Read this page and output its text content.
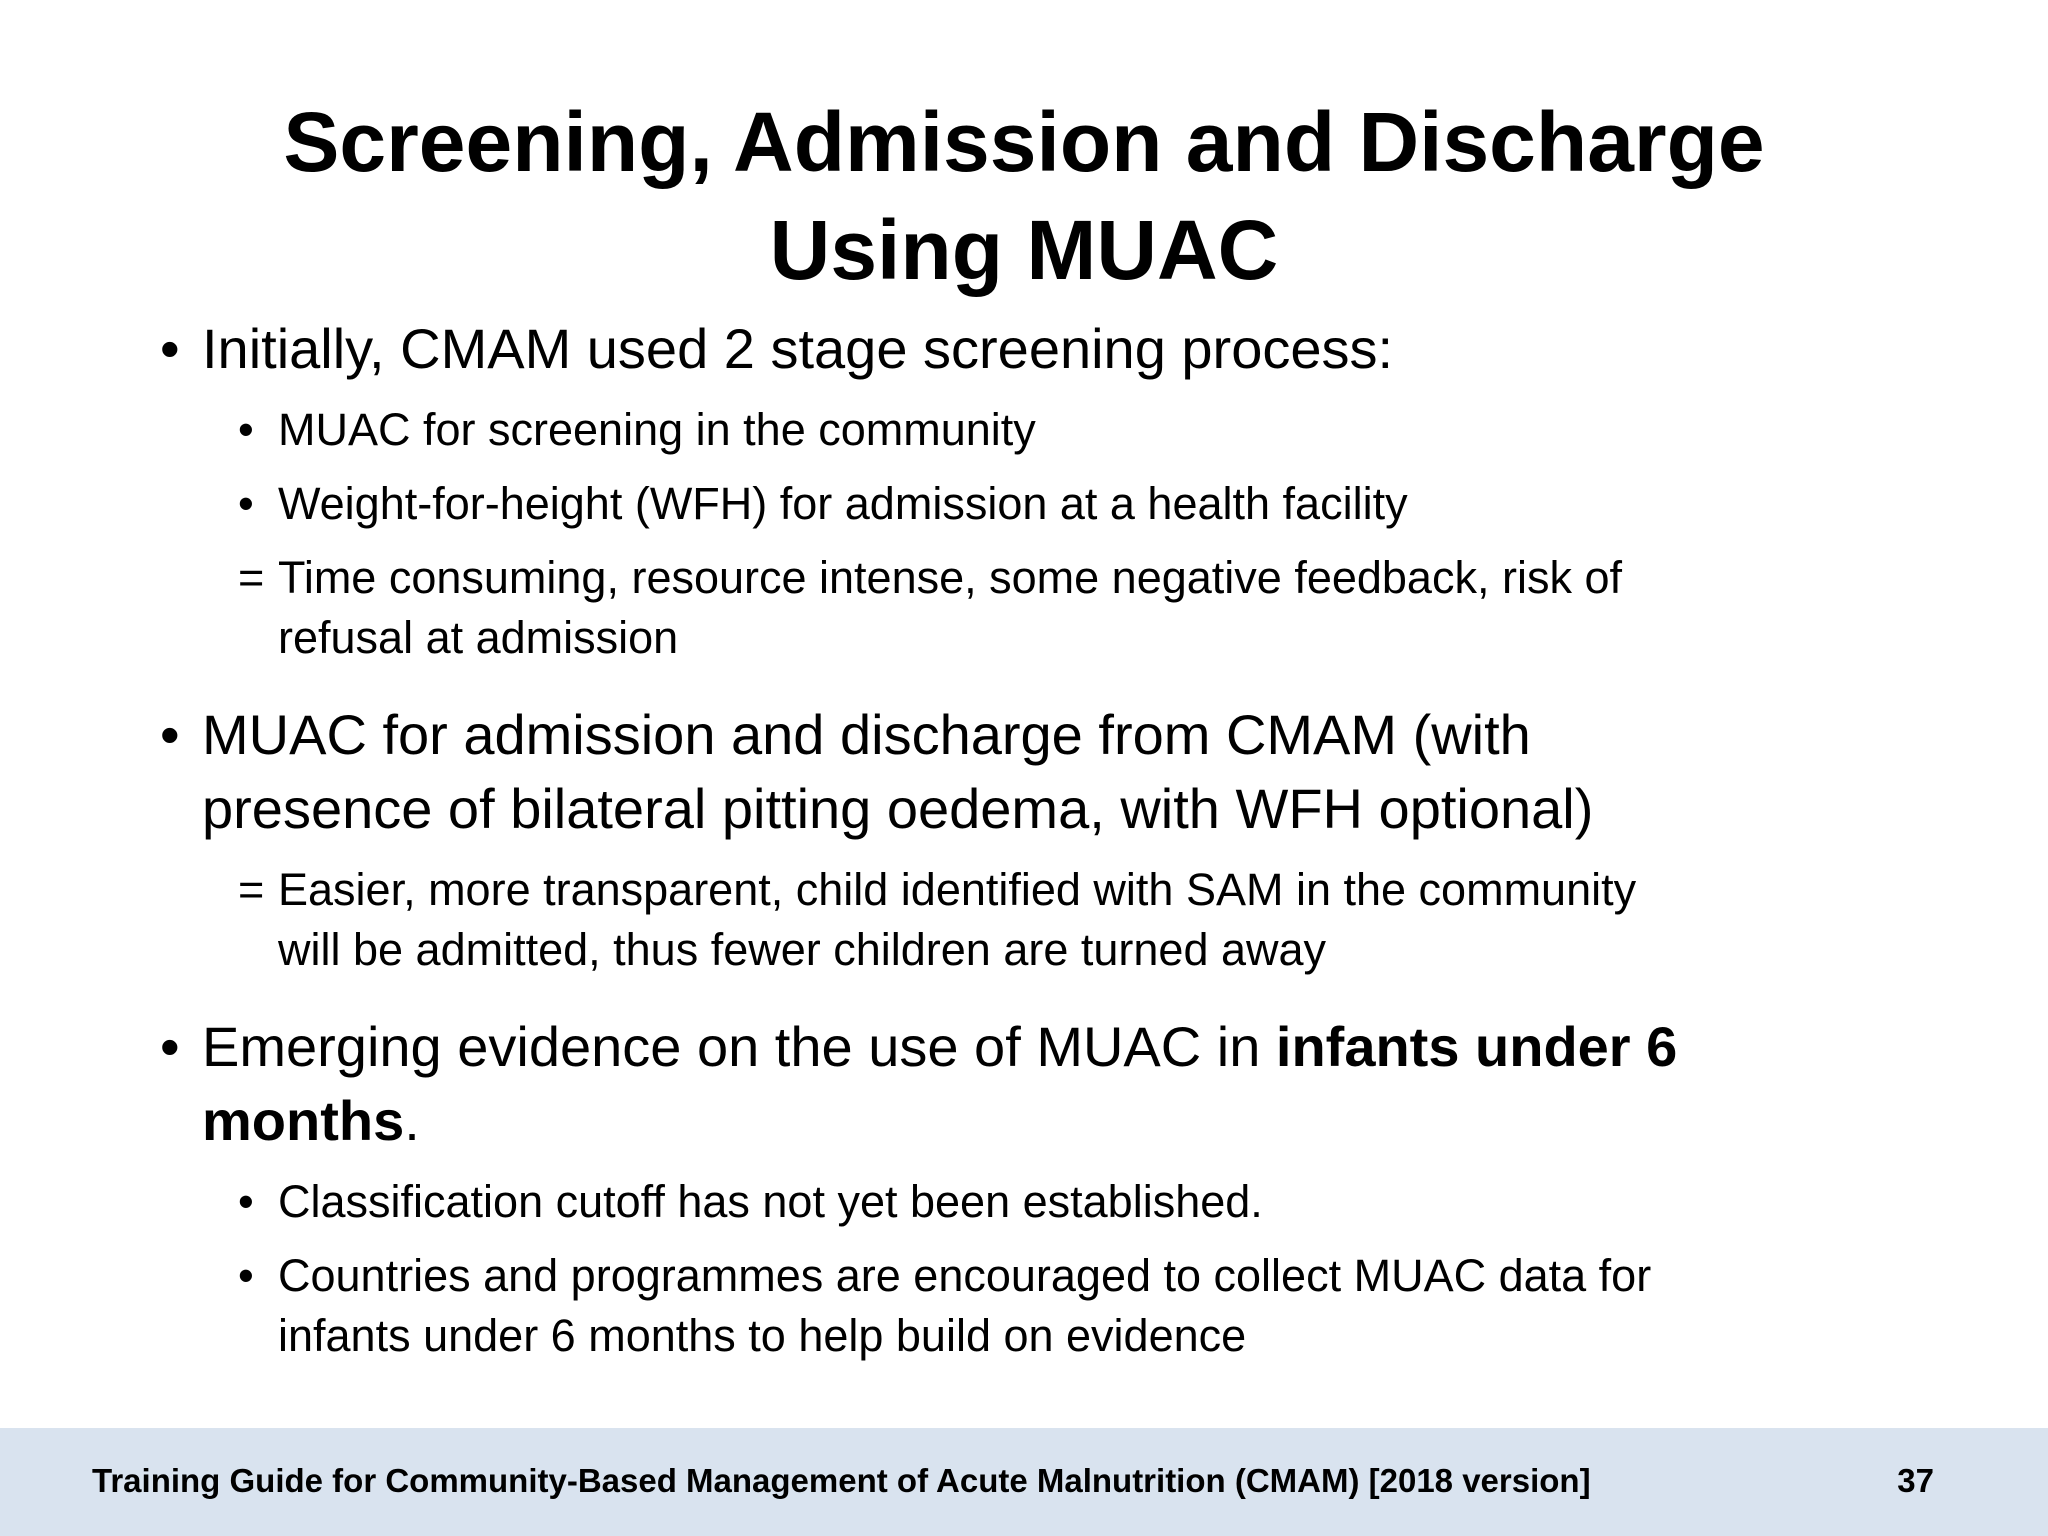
Screening, Admission and Discharge
Using MUAC
• Initially, CMAM used 2 stage screening process:
• MUAC for screening in the community
• Weight-for-height (WFH) for admission at a health facility
= Time consuming, resource intense, some negative feedback, risk of
refusal at admission
• MUAC for admission and discharge from CMAM (with
presence of bilateral pitting oedema, with WFH optional)
= Easier, more transparent, child identified with SAM in the community
will be admitted, thus fewer children are turned away
• Emerging evidence on the use of MUAC in infants under 6
months.
• Classification cutoff has not yet been established.
• Countries and programmes are encouraged to collect MUAC data for
infants under 6 months to help build on evidence
Training Guide for Community-Based Management of Acute Malnutrition (CMAM) [2018 version]	37
